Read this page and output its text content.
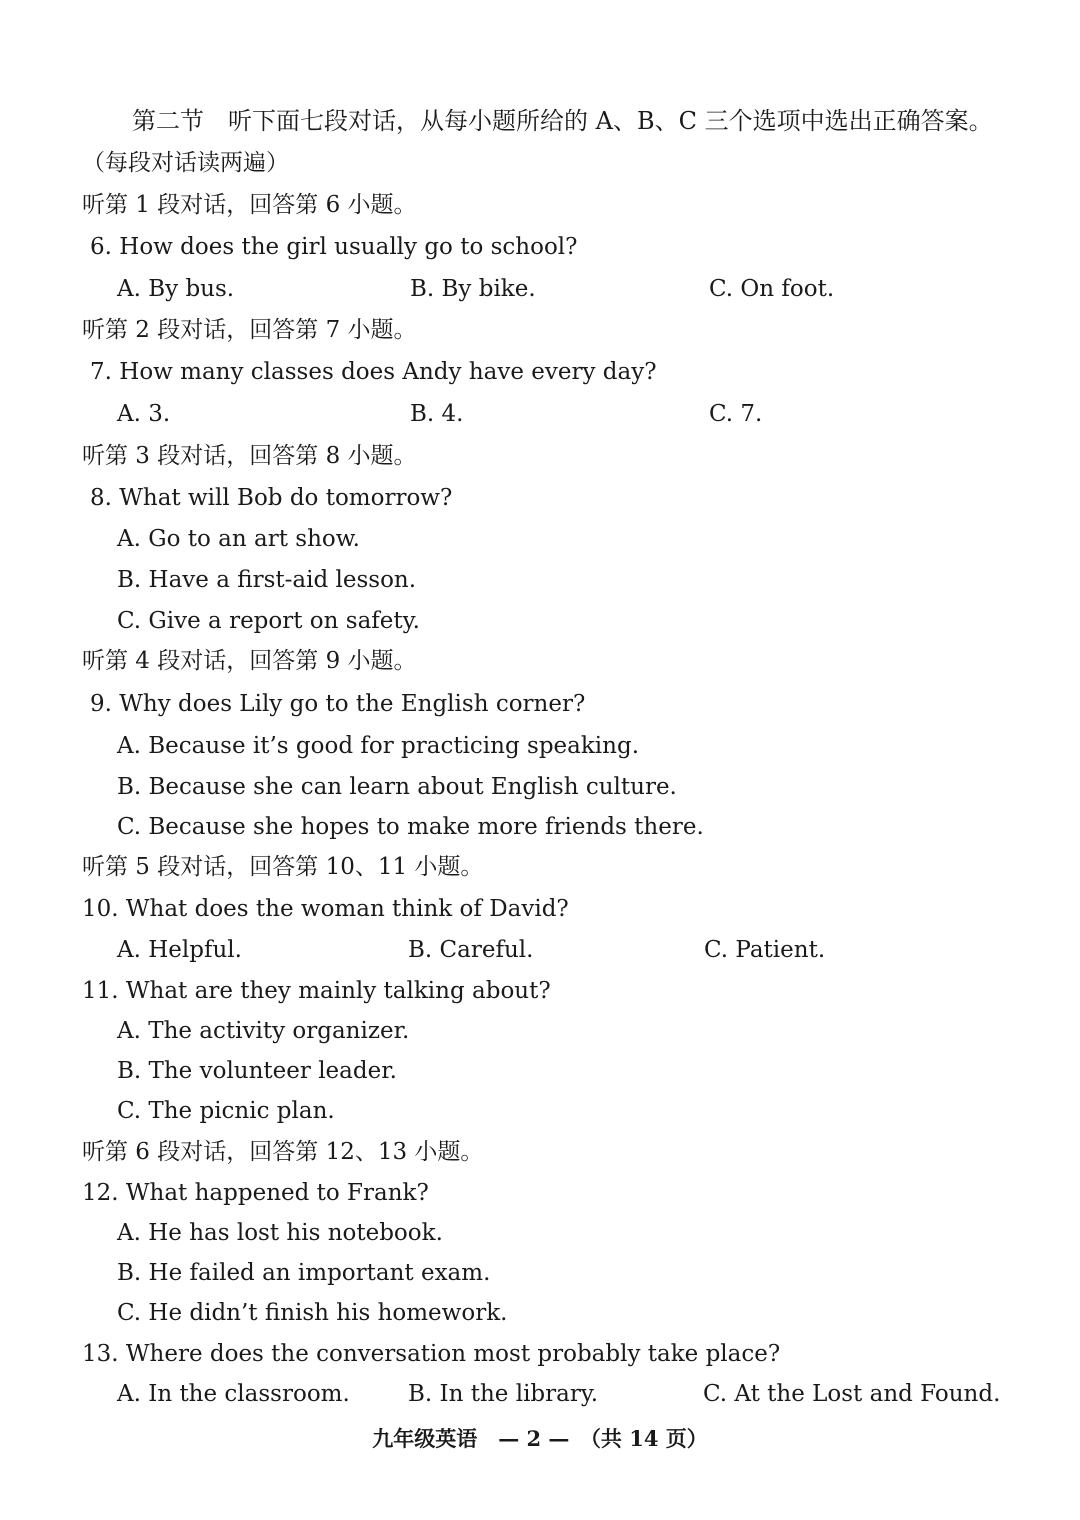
第二节　听下面七段对话，从每小题所给的 A、B、C 三个选项中选出正确答案。
（每段对话读两遍）
听第 1 段对话，回答第 6 小题。
6. How does the girl usually go to school?
A. By bus.	B. By bike.	C. On foot.
听第 2 段对话，回答第 7 小题。
7. How many classes does Andy have every day?
A. 3.	B. 4.	C. 7.
听第 3 段对话，回答第 8 小题。
8. What will Bob do tomorrow?
A. Go to an art show.
B. Have a first-aid lesson.
C. Give a report on safety.
听第 4 段对话，回答第 9 小题。
9. Why does Lily go to the English corner?
A. Because it’s good for practicing speaking.
B. Because she can learn about English culture.
C. Because she hopes to make more friends there.
听第 5 段对话，回答第 10、11 小题。
10. What does the woman think of David?
A. Helpful.	B. Careful.	C. Patient.
11. What are they mainly talking about?
A. The activity organizer.
B. The volunteer leader.
C. The picnic plan.
听第 6 段对话，回答第 12、13 小题。
12. What happened to Frank?
A. He has lost his notebook.
B. He failed an important exam.
C. He didn’t finish his homework.
13. Where does the conversation most probably take place?
A. In the classroom.	B. In the library.	C. At the Lost and Found.
九年级英语　— 2 —　（共 14 页）
